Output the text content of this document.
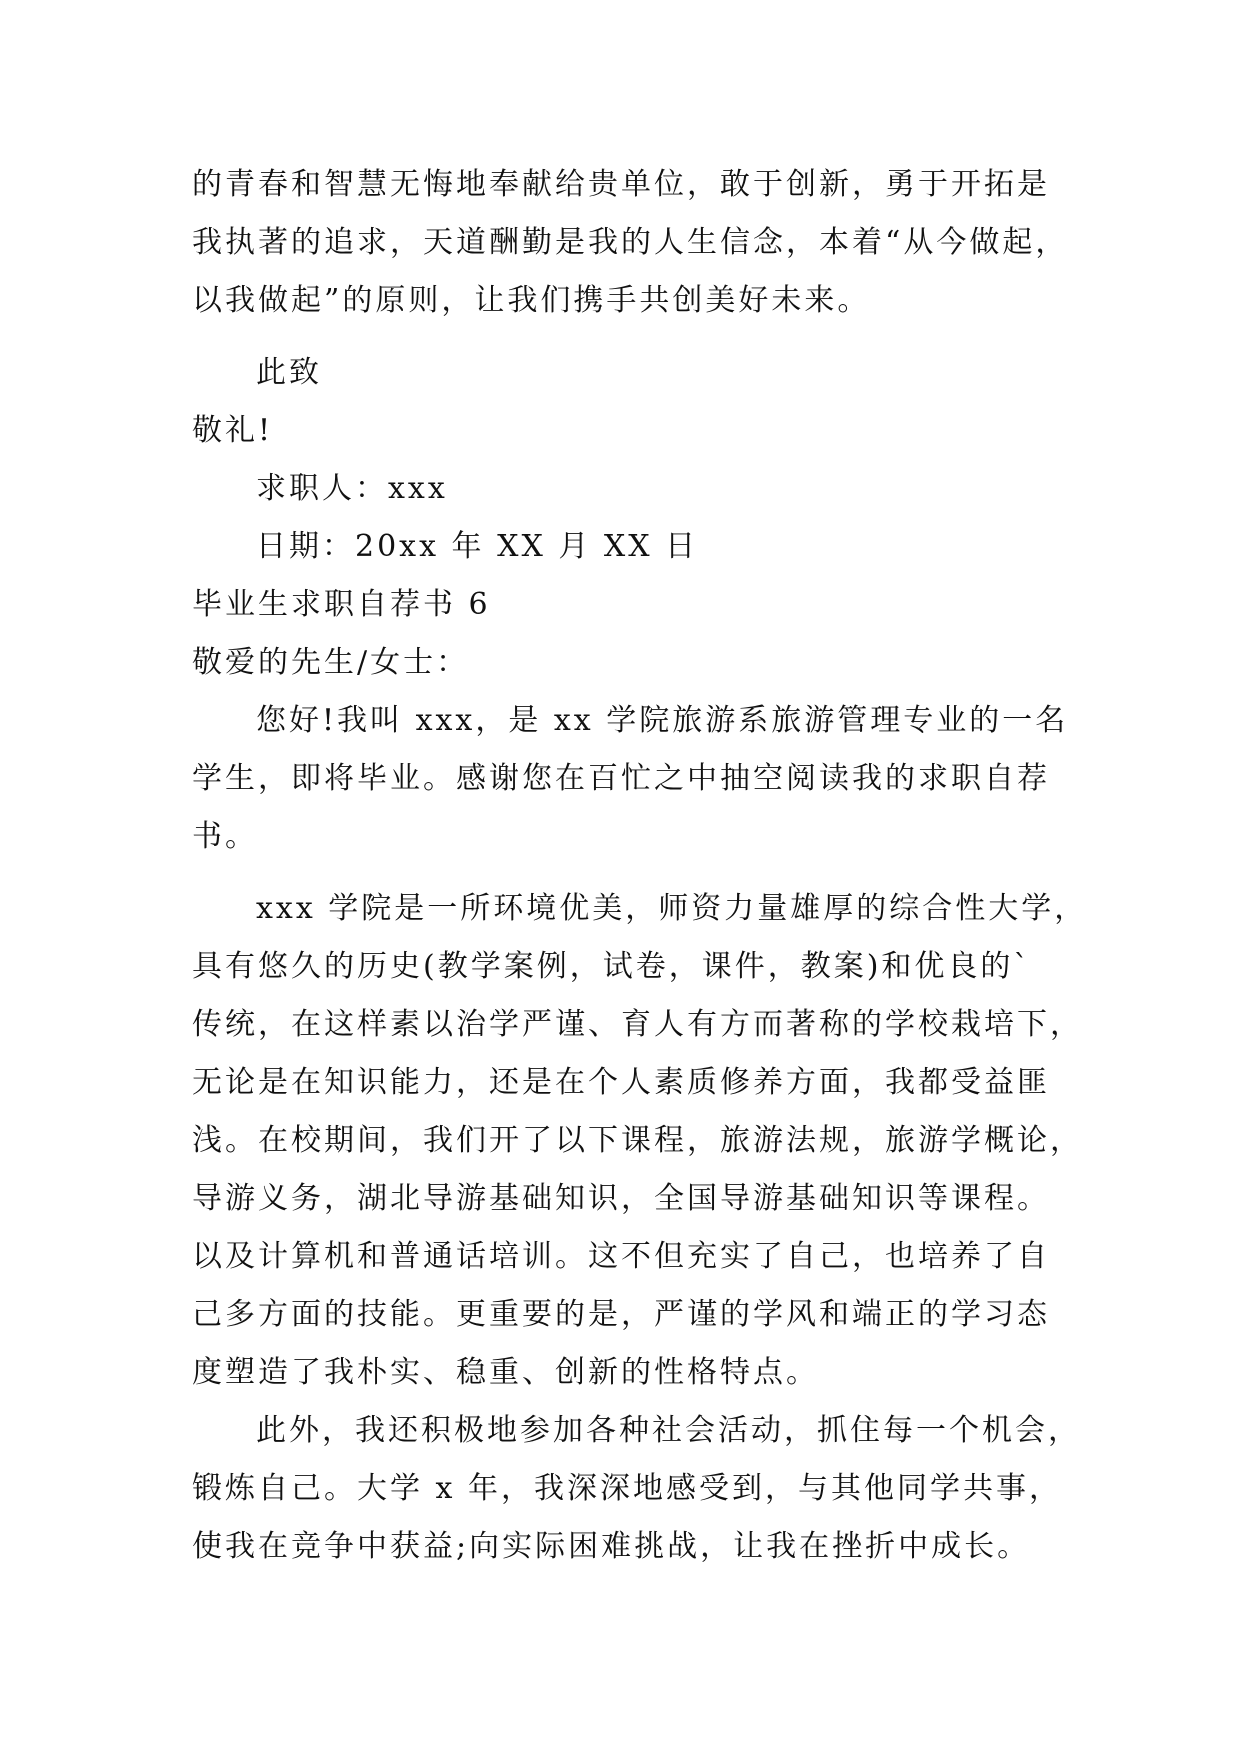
的青春和智慧无悔地奉献给贵单位，敢于创新，勇于开拓是
我执著的追求，天道酬勤是我的人生信念，本着“从今做起，
以我做起”的原则，让我们携手共创美好未来。
此致
敬礼!
求职人：xxx
日期：20xx 年 XX 月 XX 日
毕业生求职自荐书 6
敬爱的先生/女士：
您好!我叫 xxx，是 xx 学院旅游系旅游管理专业的一名
学生，即将毕业。感谢您在百忙之中抽空阅读我的求职自荐
书。
xxx 学院是一所环境优美，师资力量雄厚的综合性大学，
具有悠久的历史(教学案例，试卷，课件，教案)和优良的`
传统，在这样素以治学严谨、育人有方而著称的学校栽培下，
无论是在知识能力，还是在个人素质修养方面，我都受益匪
浅。在校期间，我们开了以下课程，旅游法规，旅游学概论，
导游义务，湖北导游基础知识，全国导游基础知识等课程。
以及计算机和普通话培训。这不但充实了自己，也培养了自
己多方面的技能。更重要的是，严谨的学风和端正的学习态
度塑造了我朴实、稳重、创新的性格特点。
此外，我还积极地参加各种社会活动，抓住每一个机会，
锻炼自己。大学 x 年，我深深地感受到，与其他同学共事，
使我在竞争中获益;向实际困难挑战，让我在挫折中成长。
